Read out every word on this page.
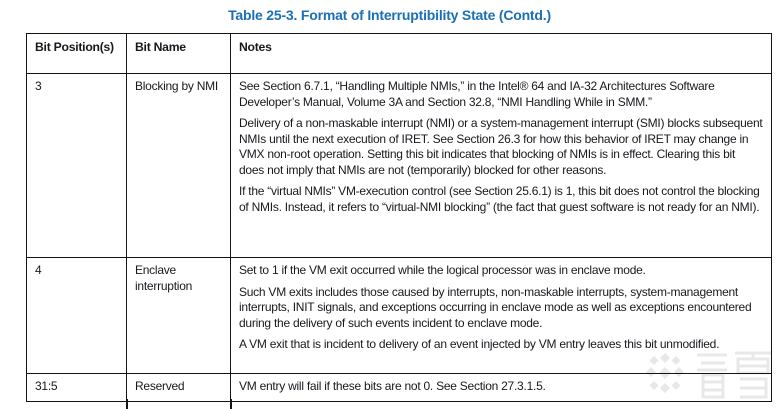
Table 25-3. Format of Interruptibility State (Contd.)
Bit Position(s)	Bit Name	Notes
3	Blocking by NMI	See Section 6.7.1, “Handling Multiple NMIs,” in the Intel® 64 and IA-32 Architectures Software Developer’s Manual, Volume 3A and Section 32.8, “NMI Handling While in SMM.”

Delivery of a non-maskable interrupt (NMI) or a system-management interrupt (SMI) blocks subsequent NMIs until the next execution of IRET. See Section 26.3 for how this behavior of IRET may change in VMX non-root operation. Setting this bit indicates that blocking of NMIs is in effect. Clearing this bit does not imply that NMIs are not (temporarily) blocked for other reasons.

If the “virtual NMIs” VM-execution control (see Section 25.6.1) is 1, this bit does not control the blocking of NMIs. Instead, it refers to “virtual-NMI blocking” (the fact that guest software is not ready for an NMI).

4	Enclave interruption	Set to 1 if the VM exit occurred while the logical processor was in enclave mode.

Such VM exits includes those caused by interrupts, non-maskable interrupts, system-management interrupts, INIT signals, and exceptions occurring in enclave mode as well as exceptions encountered during the delivery of such events incident to enclave mode.

A VM exit that is incident to delivery of an event injected by VM entry leaves this bit unmodified.

31:5	Reserved	VM entry will fail if these bits are not 0. See Section 27.3.1.5.
